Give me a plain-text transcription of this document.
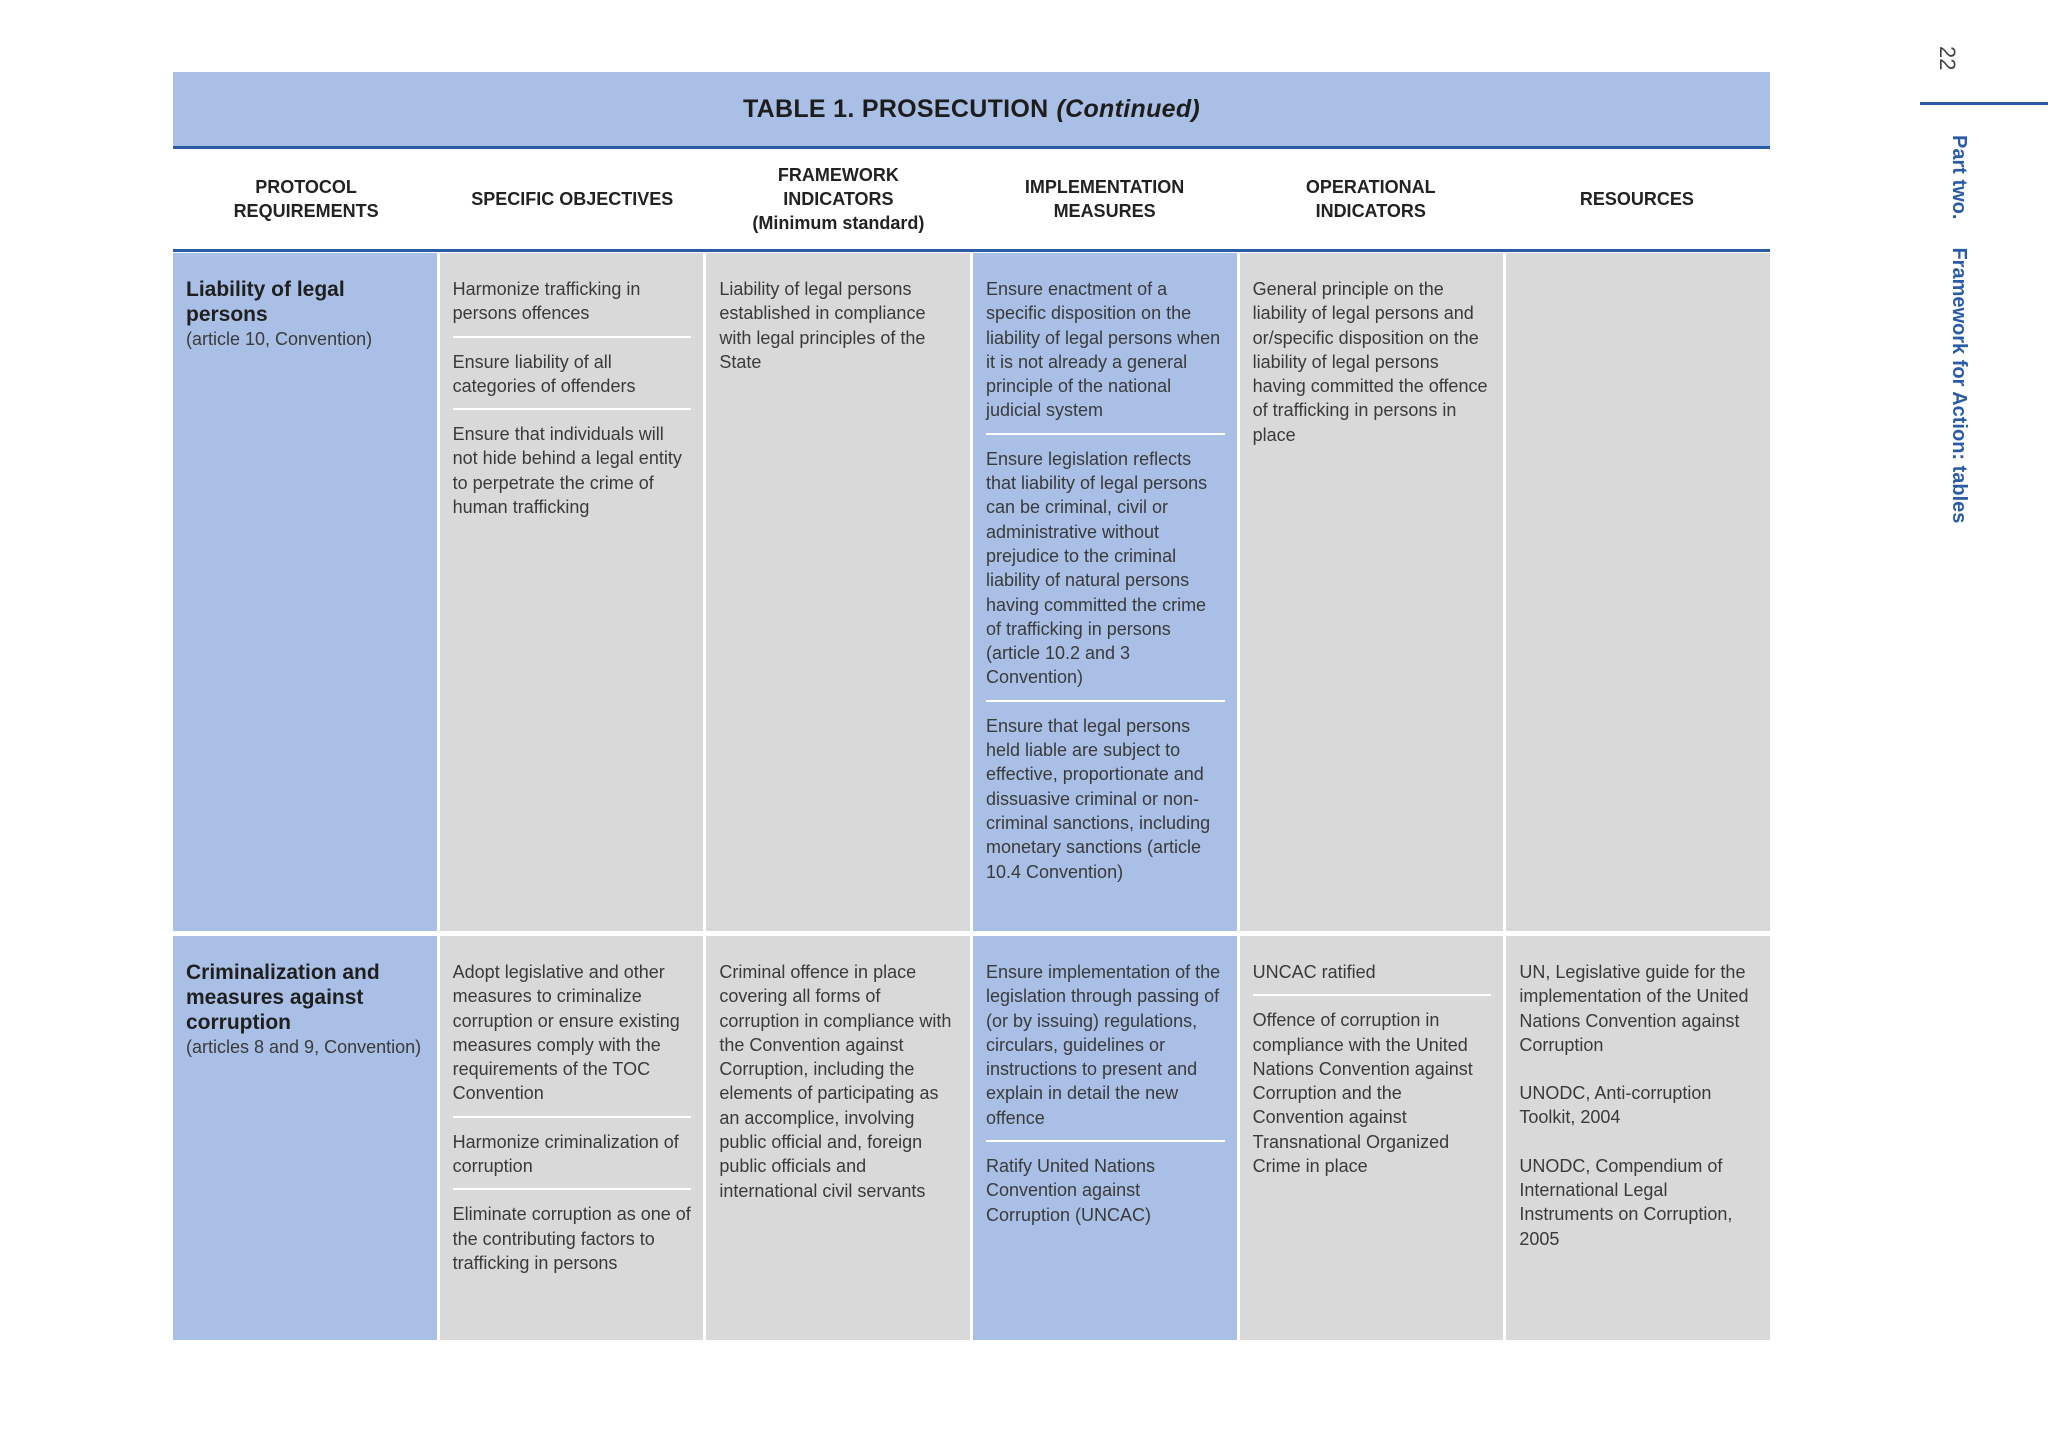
TABLE 1. PROSECUTION (Continued)
PROTOCOL
REQUIREMENTS
SPECIFIC OBJECTIVES
FRAMEWORK
INDICATORS
(Minimum standard)
IMPLEMENTATION
MEASURES
OPERATIONAL
INDICATORS
RESOURCES
Liability of legal persons
(article 10, Convention)
Harmonize trafficking in persons offences
Ensure liability of all categories of offenders
Ensure that individuals will not hide behind a legal entity to perpetrate the crime of human trafficking
Liability of legal persons established in compliance with legal principles of the State
Ensure enactment of a specific disposition on the liability of legal persons when it is not already a general principle of the national judicial system
Ensure legislation reflects that liability of legal persons can be criminal, civil or administrative without prejudice to the criminal liability of natural persons having committed the crime of trafficking in persons (article 10.2 and 3 Convention)
Ensure that legal persons held liable are subject to effective, proportionate and dissuasive criminal or non-criminal sanctions, including monetary sanctions (article 10.4 Convention)
General principle on the liability of legal persons and or/specific disposition on the liability of legal persons having committed the offence of trafficking in persons in place
Criminalization and measures against corruption
(articles 8 and 9, Convention)
Adopt legislative and other measures to criminalize corruption or ensure existing measures comply with the requirements of the TOC Convention
Harmonize criminalization of corruption
Eliminate corruption as one of the contributing factors to trafficking in persons
Criminal offence in place covering all forms of corruption in compliance with the Convention against Corruption, including the elements of participating as an accomplice, involving public official and, foreign public officials and international civil servants
Ensure implementation of the legislation through passing of (or by issuing) regulations, circulars, guidelines or instructions to present and explain in detail the new offence
Ratify United Nations Convention against Corruption (UNCAC)
UNCAC ratified
Offence of corruption in compliance with the United Nations Convention against Corruption and the Convention against Transnational Organized Crime in place
UN, Legislative guide for the implementation of the United Nations Convention against Corruption
UNODC, Anti-corruption Toolkit, 2004
UNODC, Compendium of International Legal Instruments on Corruption, 2005
22
Part two.Framework for Action: tables
